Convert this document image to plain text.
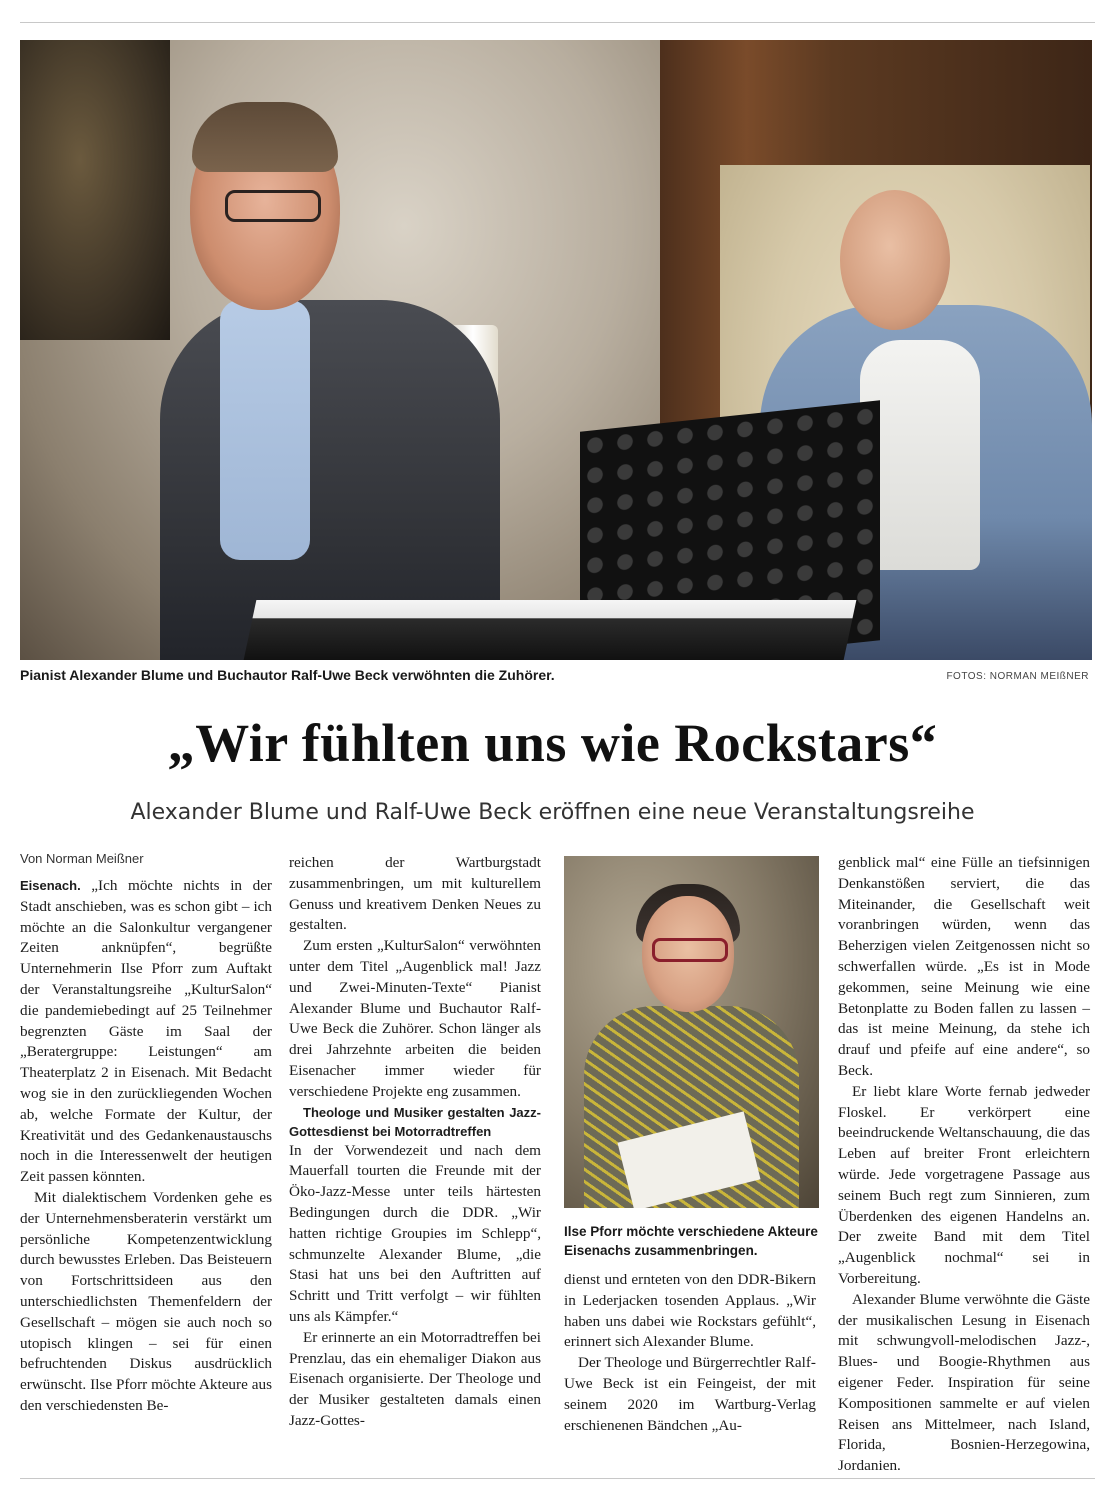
Pianist Alexander Blume und Buchautor Ralf-Uwe Beck verwöhnten die Zuhörer.	FOTOS: NORMAN MEIßNER
„Wir fühlten uns wie Rockstars“
Alexander Blume und Ralf-Uwe Beck eröffnen eine neue Veranstaltungsreihe
Von Norman Meißner

Eisenach. „Ich möchte nichts in der Stadt anschieben, was es schon gibt – ich möchte an die Salonkultur vergangener Zeiten anknüpfen“, begrüßte Unternehmerin Ilse Pforr zum Auftakt der Veranstaltungsreihe „KulturSalon“ die pandemiebedingt auf 25 Teilnehmer begrenzten Gäste im Saal der „Beratergruppe: Leistungen“ am Theaterplatz 2 in Eisenach. Mit Bedacht wog sie in den zurückliegenden Wochen ab, welche Formate der Kultur, der Kreativität und des Gedankenaustauschs noch in die Interessenwelt der heutigen Zeit passen könnten.

Mit dialektischem Vordenken gehe es der Unternehmensberaterin verstärkt um persönliche Kompetenzentwicklung durch bewusstes Erleben. Das Beisteuern von Fortschrittsideen aus den unterschiedlichsten Themenfeldern der Gesellschaft – mögen sie auch noch so utopisch klingen – sei für einen befruchtenden Diskus ausdrücklich erwünscht. Ilse Pforr möchte Akteure aus den verschiedensten Be-

reichen der Wartburgstadt zusammenbringen, um mit kulturellem Genuss und kreativem Denken Neues zu gestalten.

Zum ersten „KulturSalon“ verwöhnten unter dem Titel „Augenblick mal! Jazz und Zwei-Minuten-Texte“ Pianist Alexander Blume und Buchautor Ralf-Uwe Beck die Zuhörer. Schon länger als drei Jahrzehnte arbeiten die beiden Eisenacher immer wieder für verschiedene Projekte eng zusammen.

Theologe und Musiker gestalten Jazz-Gottesdienst bei Motorradtreffen

In der Vorwendezeit und nach dem Mauerfall tourten die Freunde mit der Öko-Jazz-Messe unter teils härtesten Bedingungen durch die DDR. „Wir hatten richtige Groupies im Schlepp“, schmunzelte Alexander Blume, „die Stasi hat uns bei den Auftritten auf Schritt und Tritt verfolgt – wir fühlten uns als Kämpfer.“

Er erinnerte an ein Motorradtreffen bei Prenzlau, das ein ehemaliger Diakon aus Eisenach organisierte. Der Theologe und der Musiker gestalteten damals einen Jazz-Gottes-

Ilse Pforr möchte verschiedene Akteure Eisenachs zusammenbringen.

dienst und ernteten von den DDR-Bikern in Lederjacken tosenden Applaus. „Wir haben uns dabei wie Rockstars gefühlt“, erinnert sich Alexander Blume.

Der Theologe und Bürgerrechtler Ralf-Uwe Beck ist ein Feingeist, der mit seinem 2020 im Wartburg-Verlag erschienenen Bändchen „Au-

genblick mal“ eine Fülle an tiefsinnigen Denkanstößen serviert, die das Miteinander, die Gesellschaft weit voranbringen würden, wenn das Beherzigen vielen Zeitgenossen nicht so schwerfallen würde. „Es ist in Mode gekommen, seine Meinung wie eine Betonplatte zu Boden fallen zu lassen – das ist meine Meinung, da stehe ich drauf und pfeife auf eine andere“, so Beck.

Er liebt klare Worte fernab jedweder Floskel. Er verkörpert eine beeindruckende Weltanschauung, die das Leben auf breiter Front erleichtern würde. Jede vorgetragene Passage aus seinem Buch regt zum Sinnieren, zum Überdenken des eigenen Handelns an. Der zweite Band mit dem Titel „Augenblick nochmal“ sei in Vorbereitung.

Alexander Blume verwöhnte die Gäste der musikalischen Lesung in Eisenach mit schwungvoll-melodischen Jazz-, Blues- und Boogie-Rhythmen aus eigener Feder. Inspiration für seine Kompositionen sammelte er auf vielen Reisen ans Mittelmeer, nach Island, Florida, Bosnien-Herzegowina, Jordanien.
